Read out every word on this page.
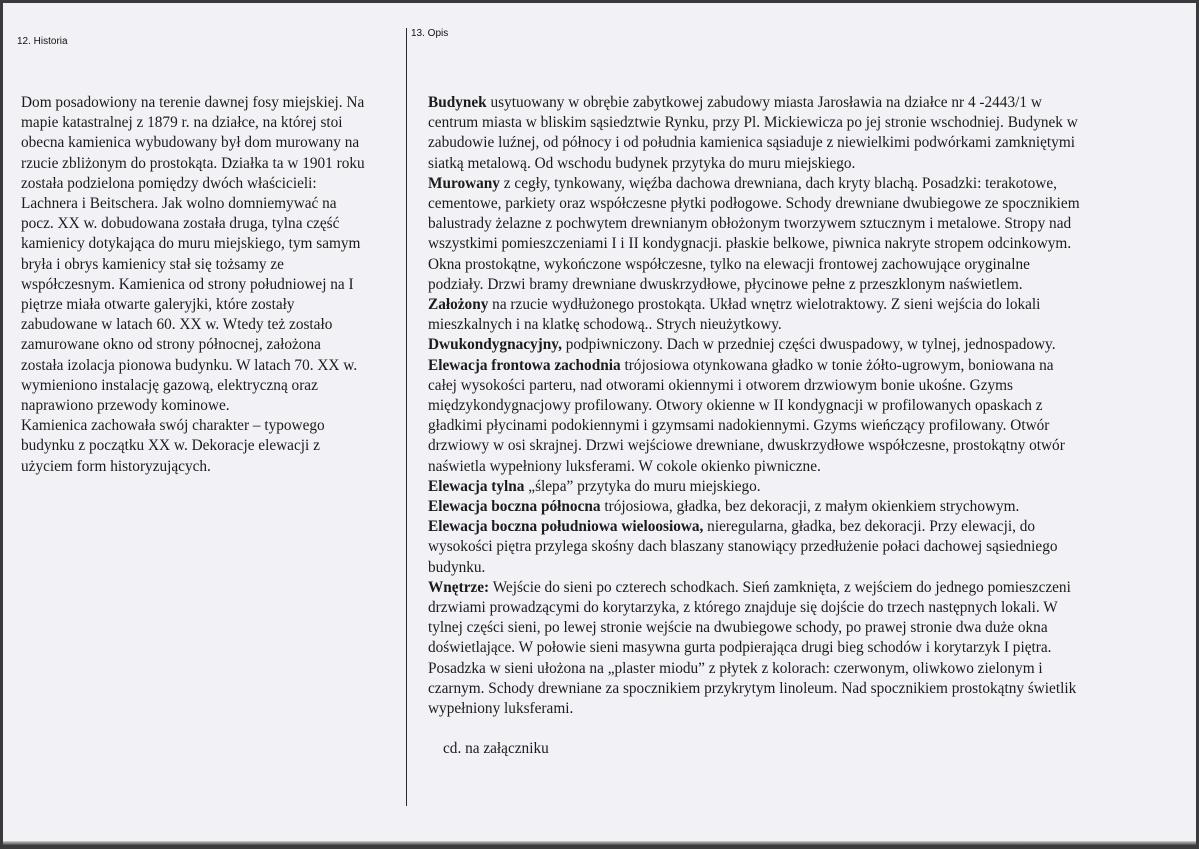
12. Historia
13. Opis
Dom posadowiony na terenie dawnej fosy miejskiej. Na
mapie katastralnej z 1879 r. na działce, na której stoi
obecna kamienica wybudowany był dom murowany na
rzucie zbliżonym do prostokąta. Działka ta w 1901 roku
została podzielona pomiędzy dwóch właścicieli:
Lachnera i Beitschera. Jak wolno domniemywać na
pocz. XX w. dobudowana została druga, tylna część
kamienicy dotykająca do muru miejskiego, tym samym
bryła i obrys kamienicy stał się tożsamy ze
współczesnym. Kamienica od strony południowej na I
piętrze miała otwarte galeryjki, które zostały
zabudowane w latach 60. XX w. Wtedy też zostało
zamurowane okno od strony północnej, założona
została izolacja pionowa budynku. W latach 70. XX w.
wymieniono instalację gazową, elektryczną oraz
naprawiono przewody kominowe.
Kamienica zachowała swój charakter – typowego
budynku z początku XX w. Dekoracje elewacji z
użyciem form historyzujących.
Budynek usytuowany w obrębie zabytkowej zabudowy miasta Jarosławia na działce nr 4 -2443/1 w
centrum miasta w bliskim sąsiedztwie Rynku, przy Pl. Mickiewicza po jej stronie wschodniej. Budynek w
zabudowie luźnej, od północy i od południa kamienica sąsiaduje z niewielkimi podwórkami zamkniętymi
siatką metalową. Od wschodu budynek przytyka do muru miejskiego.
Murowany z cegły, tynkowany, więźba dachowa drewniana, dach kryty blachą. Posadzki: terakotowe,
cementowe, parkiety oraz współczesne płytki podłogowe. Schody drewniane dwubiegowe ze spocznikiem
balustrady żelazne z pochwytem drewnianym obłożonym tworzywem sztucznym i metalowe. Stropy nad
wszystkimi pomieszczeniami I i II kondygnacji. płaskie belkowe, piwnica nakryte stropem odcinkowym.
Okna prostokątne, wykończone współczesne, tylko na elewacji frontowej zachowujące oryginalne
podziały. Drzwi bramy drewniane dwuskrzydłowe, płycinowe pełne z przeszklonym naświetlem.
Założony na rzucie wydłużonego prostokąta. Układ wnętrz wielotraktowy. Z sieni wejścia do lokali
mieszkalnych i na klatkę schodową.. Strych nieużytkowy.
Dwukondygnacyjny, podpiwniczony. Dach w przedniej części dwuspadowy, w tylnej, jednospadowy.
Elewacja frontowa zachodnia trójosiowa otynkowana gładko w tonie żółto-ugrowym, boniowana na
całej wysokości parteru, nad otworami okiennymi i otworem drzwiowym bonie ukośne. Gzyms
międzykondygnacjowy profilowany. Otwory okienne w II kondygnacji w profilowanych opaskach z
gładkimi płycinami podokiennymi i gzymsami nadokiennymi. Gzyms wieńczący profilowany. Otwór
drzwiowy w osi skrajnej. Drzwi wejściowe drewniane, dwuskrzydłowe współczesne, prostokątny otwór
naświetla wypełniony luksferami. W cokole okienko piwniczne.
Elewacja tylna „ślepa” przytyka do muru miejskiego.
Elewacja boczna północna trójosiowa, gładka, bez dekoracji, z małym okienkiem strychowym.
Elewacja boczna południowa wieloosiowa, nieregularna, gładka, bez dekoracji. Przy elewacji, do
wysokości piętra przylega skośny dach blaszany stanowiący przedłużenie połaci dachowej sąsiedniego
budynku.
Wnętrze: Wejście do sieni po czterech schodkach. Sień zamknięta, z wejściem do jednego pomieszczeni
drzwiami prowadzącymi do korytarzyka, z którego znajduje się dojście do trzech następnych lokali. W
tylnej części sieni, po lewej stronie wejście na dwubiegowe schody, po prawej stronie dwa duże okna
doświetlające. W połowie sieni masywna gurta podpierająca drugi bieg schodów i korytarzyk I piętra.
Posadzka w sieni ułożona na „plaster miodu” z płytek z kolorach: czerwonym, oliwkowo zielonym i
czarnym. Schody drewniane za spocznikiem przykrytym linoleum. Nad spocznikiem prostokątny świetlik
wypełniony luksferami.
cd. na załączniku
